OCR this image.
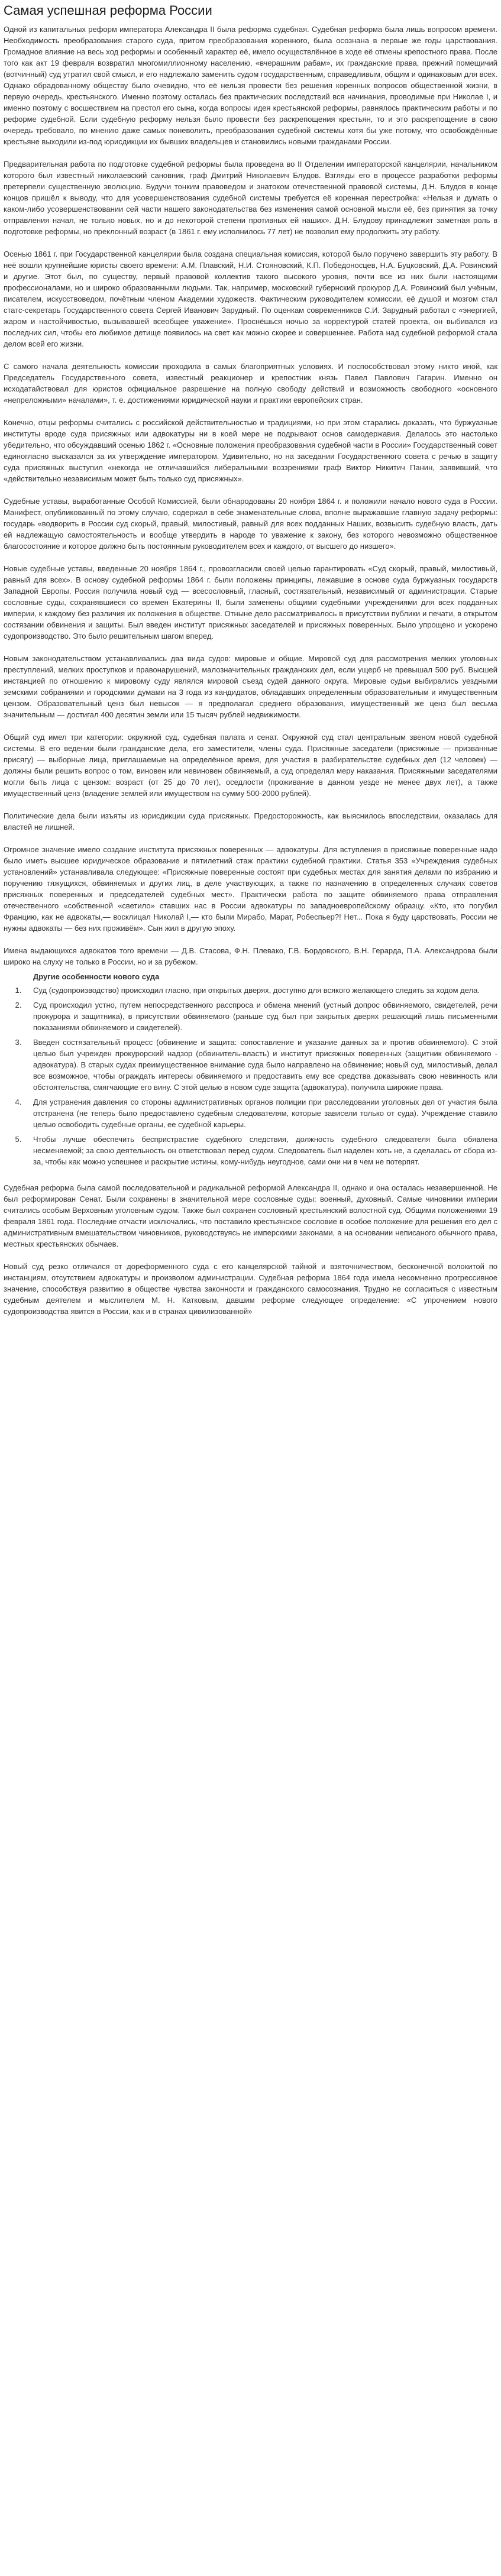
Самая успешная реформа России

Одной из капитальных реформ императора Александра II была реформа судебная. Судебная реформа была лишь вопросом времени. Необходимость преобразования старого суда, притом преобразования коренного, была осознана в первые же годы царствования. Громадное влияние на весь ход реформы и особенный характер её, имело осуществлённое в ходе её отмены крепостного права. После того как акт 19 февраля возвратил многомиллионному населению, «вчерашним рабам», их гражданские права, прежний помещичий (вотчинный) суд утратил свой смысл, и его надлежало заменить судом государственным, справедливым, общим и одинаковым для всех. Однако обрадованному обществу было очевидно, что её нельзя провести без решения коренных вопросов общественной жизни, в первую очередь, крестьянского. Именно поэтому осталась без практических последствий вся начинания, проводимые при Николае I, и именно поэтому с восшествием на престол его сына, когда вопросы идея крестьянской реформы, равнялось практическим работы и по реформе судебной. Если судебную реформу нельзя было провести без раскрепощения крестьян, то и это раскрепощение в свою очередь требовало, по мнению даже самых поневолить, преобразования судебной системы хотя бы уже потому, что освобождённые крестьяне выходили из-под юрисдикции их бывших владельцев и становились новыми гражданами России.

Предварительная работа по подготовке судебной реформы была проведена во II Отделении императорской канцелярии, начальником которого был известный николаевский сановник, граф Дмитрий Николаевич Блудов. Взгляды его в процессе разработки реформы претерпели существенную эволюцию. Будучи тонким правоведом и знатоком отечественной правовой системы, Д.Н. Блудов в конце концов пришёл к выводу, что для усовершенствования судебной системы требуется её коренная перестройка: «Нельзя и думать о каком-либо усовершенствовании сей части нашего законодательства без изменения самой основной мысли её, без принятия за точку отправления начал, не только новых, но и до некоторой степени противных ей наших». Д.Н. Блудову принадлежит заметная роль в подготовке реформы, но преклонный возраст (в 1861 г. ему исполнилось 77 лет) не позволил ему продолжить эту работу.

Осенью 1861 г. при Государственной канцелярии была создана специальная комиссия, которой было поручено завершить эту работу. В неё вошли крупнейшие юристы своего времени: А.М. Плавский, Н.И. Стояновский, К.П. Победоносцев, Н.А. Буцковский, Д.А. Ровинский и другие. Этот был, по существу, первый правовой коллектив такого высокого уровня, почти все из них были настоящими профессионалами, но и широко образованными людьми. Так, например, московский губернский прокурор Д.А. Ровинский был учёным, писателем, искусствоведом, почётным членом Академии художеств. Фактическим руководителем комиссии, её душой и мозгом стал статс-секретарь Государственного совета Сергей Иванович Зарудный. По оценкам современников С.И. Зарудный работал с «энергией, жаром и настойчивостью, вызывавшей всеобщее уважение». Проснёшься ночью за корректурой статей проекта, он выбивался из последних сил, чтобы его любимое детище появилось на свет как можно скорее и совершеннее. Работа над судебной реформой стала делом всей его жизни.

С самого начала деятельность комиссии проходила в самых благоприятных условиях. И поспособствовал этому никто иной, как Председатель Государственного совета, известный реакционер и крепостник князь Павел Павлович Гагарин. Именно он исходатайствовал для юристов официальное разрешение на полную свободу действий и возможность свободного «основного «непреложными» началами», т. е. достижениями юридической науки и практики европейских стран.

Конечно, отцы реформы считались с российской действительностью и традициями, но при этом старались доказать, что буржуазные институты вроде суда присяжных или адвокатуры ни в коей мере не подрывают основ самодержавия. Делалось это настолько убедительно, что обсуждавший осенью 1862 г. «Основные положения преобразования судебной части в России» Государственный совет единогласно высказался за их утверждение императором. Удивительно, но на заседании Государственного совета с речью в защиту суда присяжных выступил «некогда не отличавшийся либеральными воззрениями граф Виктор Никитич Панин, заявивший, что «действительно независимым может быть только суд присяжных».

Судебные уставы, выработанные Особой Комиссией, были обнародованы 20 ноября 1864 г. и положили начало нового суда в России. Манифест, опубликованный по этому случаю, содержал в себе знаменательные слова, вполне выражавшие главную задачу реформы: государь «водворить в России суд скорый, правый, милостивый, равный для всех подданных Наших, возвысить судебную власть, дать ей надлежащую самостоятельность и вообще утвердить в народе то уважение к закону, без которого невозможно общественное благосостояние и которое должно быть постоянным руководителем всех и каждого, от высшего до низшего».

Новые судебные уставы, введенные 20 ноября 1864 г., провозгласили своей целью гарантировать «Суд скорый, правый, милостивый, равный для всех». В основу судебной реформы 1864 г. были положены принципы, лежавшие в основе суда буржуазных государств Западной Европы. Россия получила новый суд — всесословный, гласный, состязательный, независимый от администрации. Старые сословные суды, сохранявшиеся со времен Екатерины II, были заменены общими судебными учреждениями для всех подданных империи, к каждому без различия их положения в обществе. Отныне дело рассматривалось в присутствии публики и печати, в открытом состязании обвинения и защиты. Был введен институт присяжных заседателей и присяжных поверенных. Было упрощено и ускорено судопроизводство. Это было решительным шагом вперед.

Новым законодательством устанавливались два вида судов: мировые и общие. Мировой суд для рассмотрения мелких уголовных преступлений, мелких проступков и правонарушений, малозначительных гражданских дел, если ущерб не превышал 500 руб. Высшей инстанцией по отношению к мировому суду являлся мировой съезд судей данного округа. Мировые судьи выбирались уездными земскими собраниями и городскими думами на 3 года из кандидатов, обладавших определенным образовательным и имущественным цензом. Образовательный ценз был невысок — я предполагал среднего образования, имущественный же ценз был весьма значительным — достигал 400 десятин земли или 15 тысяч рублей недвижимости.

Общий суд имел три категории: окружной суд, судебная палата и сенат. Окружной суд стал центральным звеном новой судебной системы. В его ведении были гражданские дела, его заместители, члены суда. Присяжные заседатели (присяжные — призванные присягу) — выборные лица, приглашаемые на определённое время, для участия в разбирательстве судебных дел (12 человек) — должны были решить вопрос о том, виновен или невиновен обвиняемый, а суд определял меру наказания. Присяжными заседателями могли быть лица с цензом: возраст (от 25 до 70 лет), оседлости (проживание в данном уезде не менее двух лет), а также имущественный ценз (владение землей или имуществом на сумму 500-2000 рублей).

Политические дела были изъяты из юрисдикции суда присяжных. Предосторожность, как выяснилось впоследствии, оказалась для властей не лишней.

Огромное значение имело создание института присяжных поверенных — адвокатуры. Для вступления в присяжные поверенные надо было иметь высшее юридическое образование и пятилетний стаж практики судебной практики. Статья 353 «Учреждения судебных установлений» устанавливала следующее: «Присяжные поверенные состоят при судебных местах для занятия делами по избранию и поручению тяжущихся, обвиняемых и других лиц, в деле участвующих, а также по назначению в определенных случаях советов присяжных поверенных и председателей судебных мест». Практически работа по защите обвиняемого права отправления отечественного «собственной «светило» ставших нас в России адвокатуры по западноевропейскому образцу. «Кто, кто погубил Францию, как не адвокаты,— восклицал Николай I,— кто были Мирабо, Марат, Робеспьер?! Нет... Пока я буду царствовать, России не нужны адвокаты — без них проживём». Сын жил в другую эпоху.

Имена выдающихся адвокатов того времени — Д.В. Стасова, Ф.Н. Плевако, Г.В. Бордовского, В.Н. Герарда, П.А. Александрова были широко на слуху не только в России, но и за рубежом.

Другие особенности нового суда
1. Суд (судопроизводство) происходил гласно, при открытых дверях, доступно для всякого желающего следить за ходом дела.
2. Суд происходил устно, путем непосредственного расспроса и обмена мнений (устный допрос обвиняемого, свидетелей, речи прокурора и защитника), в присутствии обвиняемого (раньше суд был при закрытых дверях решающий лишь письменными показаниями обвиняемого и свидетелей).
3. Введен состязательный процесс (обвинение и защита: сопоставление и указание данных за и против обвиняемого). С этой целью был учрежден прокурорский надзор (обвинитель-власть) и институт присяжных поверенных (защитник обвиняемого - адвокатура). В старых судах преимущественное внимание суда было направлено на обвинение; новый суд, милостивый, делал все возможное, чтобы ограждать интересы обвиняемого и предоставить ему все средства доказывать свою невинность или обстоятельства, смягчающие его вину. С этой целью в новом суде защита (адвокатура), получила широкие права.
4. Для устранения давления со стороны административных органов полиции при расследовании уголовных дел от участия была отстранена (не теперь было предоставлено судебным следователям, которые зависели только от суда). Учреждение ставило целью освободить судебные органы, ее судебной карьеры.
5. Чтобы лучше обеспечить беспристрастие судебного следствия, должность судебного следователя была обявлена несменяемой; за свою деятельность он ответствовал перед судом. Следователь был наделен хоть не, а сделалась от сбора из-за, чтобы как можно успешнее и раскрытие истины, кому-нибудь неугодное, сами они ни в чем не потерпят.

Судебная реформа была самой последовательной и радикальной реформой Александра II, однако и она осталась незавершенной. Не был реформирован Сенат. Были сохранены в значительной мере сословные суды: военный, духовный. Самые чиновники империи считались особым Верховным уголовным судом. Также был сохранен сословный крестьянский волостной суд. Общими положениями 19 февраля 1861 года. Последние отчасти исключались, что поставило крестьянское сословие в особое положение для решения его дел с административным вмешательством чиновников, руководствуясь не имперскими законами, а на основании неписаного обычного права, местных крестьянских обычаев.

Новый суд резко отличался от дореформенного суда с его канцелярской тайной и взяточничеством, бесконечной волокитой по инстанциям, отсутствием адвокатуры и произволом администрации. Судебная реформа 1864 года имела несомненно прогрессивное значение, способствуя развитию в обществе чувства законности и гражданского самосознания. Трудно не согласиться с известным судебным деятелем и мыслителем М. Н. Катковым, давшим реформе следующее определение: «С упрочением нового судопроизводства явится в России, как и в странах цивилизованной»
